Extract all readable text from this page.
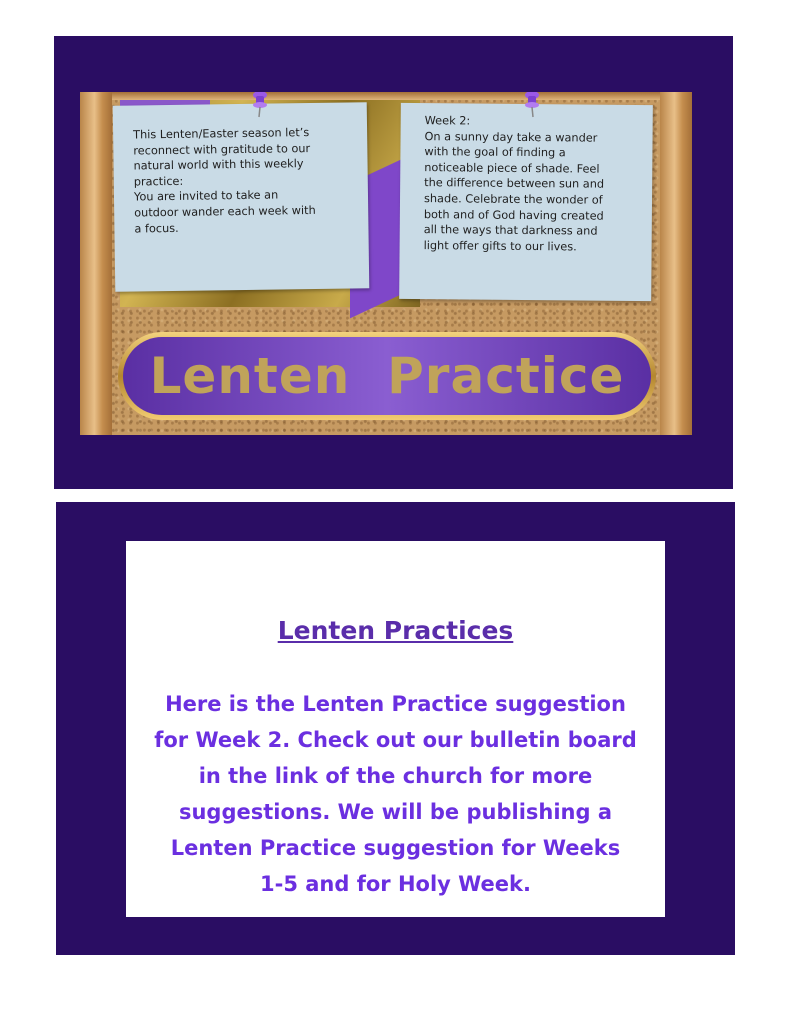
This Lenten/Easter season let’s
reconnect with gratitude to our
natural world with this weekly
practice:
You are invited to take an
outdoor wander each week with
a focus.
Week 2:
On a sunny day take a wander
with the goal of finding a
noticeable piece of shade. Feel
the difference between sun and
shade. Celebrate the wonder of
both and of God having created
all the ways that darkness and
light offer gifts to our lives.
Lenten  Practice
Lenten Practices
Here is the Lenten Practice suggestion
for Week 2. Check out our bulletin board
in the link of the church for more
suggestions. We will be publishing a
Lenten Practice suggestion for Weeks
1-5 and for Holy Week.
